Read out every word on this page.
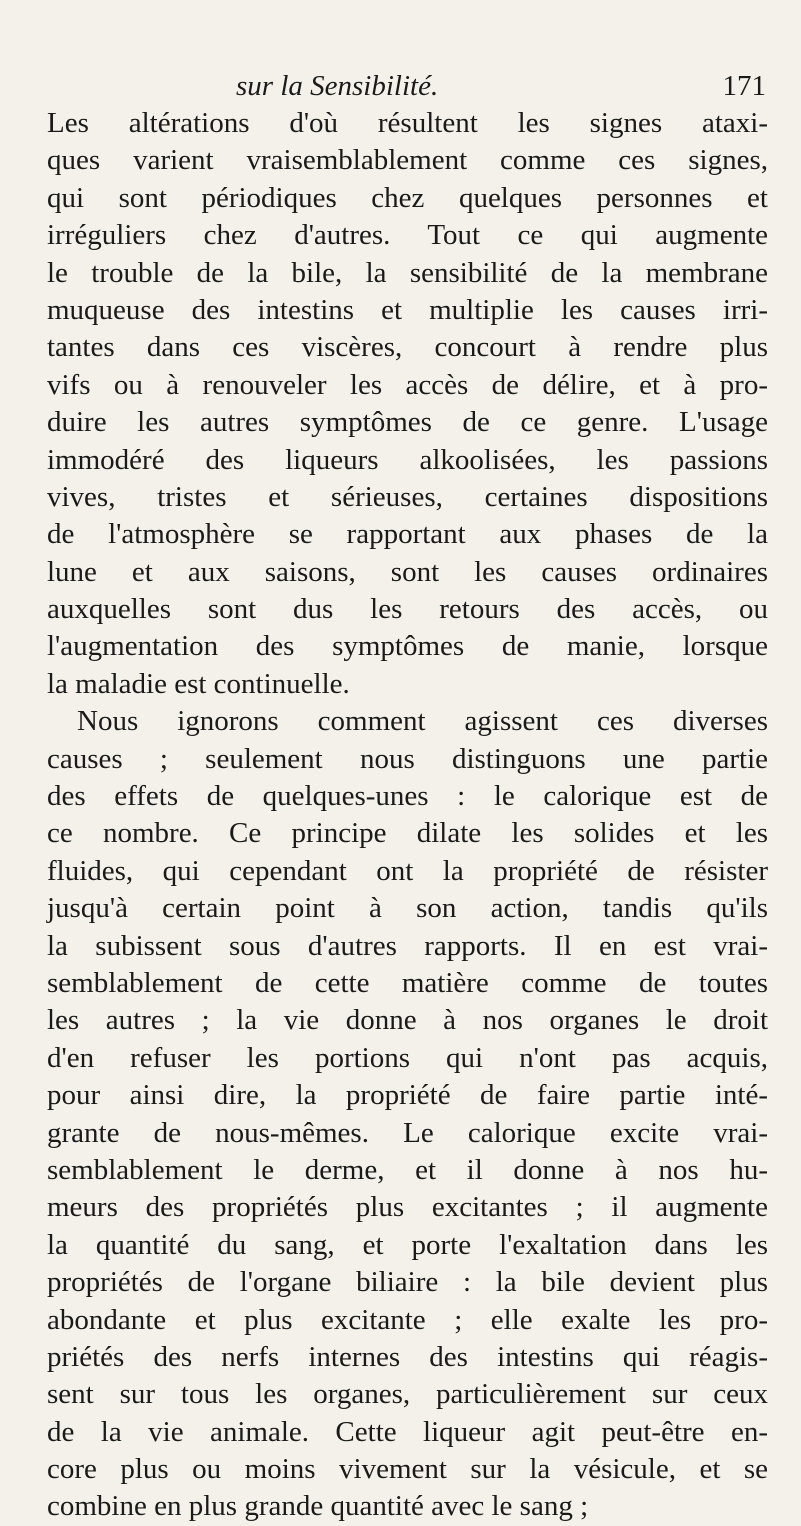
sur la Sensibilité.	171
Les altérations d'où résultent les signes ataxi-
ques varient vraisemblablement comme ces signes,
qui sont périodiques chez quelques personnes et
irréguliers chez d'autres. Tout ce qui augmente
le trouble de la bile, la sensibilité de la membrane
muqueuse des intestins et multiplie les causes irri-
tantes dans ces viscères, concourt à rendre plus
vifs ou à renouveler les accès de délire, et à pro-
duire les autres symptômes de ce genre. L'usage
immodéré des liqueurs alkoolisées, les passions
vives, tristes et sérieuses, certaines dispositions
de l'atmosphère se rapportant aux phases de la
lune et aux saisons, sont les causes ordinaires
auxquelles sont dus les retours des accès, ou
l'augmentation des symptômes de manie, lorsque
la maladie est continuelle.
Nous ignorons comment agissent ces diverses
causes ; seulement nous distinguons une partie
des effets de quelques-unes : le calorique est de
ce nombre. Ce principe dilate les solides et les
fluides, qui cependant ont la propriété de résister
jusqu'à certain point à son action, tandis qu'ils
la subissent sous d'autres rapports. Il en est vrai-
semblablement de cette matière comme de toutes
les autres ; la vie donne à nos organes le droit
d'en refuser les portions qui n'ont pas acquis,
pour ainsi dire, la propriété de faire partie inté-
grante de nous-mêmes. Le calorique excite vrai-
semblablement le derme, et il donne à nos hu-
meurs des propriétés plus excitantes ; il augmente
la quantité du sang, et porte l'exaltation dans les
propriétés de l'organe biliaire : la bile devient plus
abondante et plus excitante ; elle exalte les pro-
priétés des nerfs internes des intestins qui réagis-
sent sur tous les organes, particulièrement sur ceux
de la vie animale. Cette liqueur agit peut-être en-
core plus ou moins vivement sur la vésicule, et se
combine en plus grande quantité avec le sang ;
